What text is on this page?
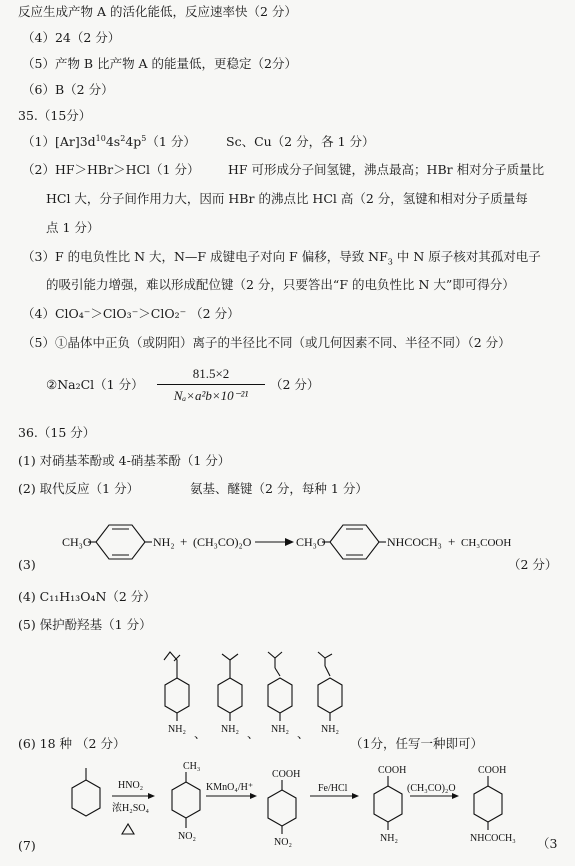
反应生成产物 A 的活化能低，反应速率快（2 分）
（4）24（2 分）
（5）产物 B 比产物 A 的能量低，更稳定（2分）
（6）B（2 分）
35.（15分）
$(1)[Ar]3d^{10}4s^24p^5(1$ 分） Sc、Cu（2 分，各 1 分）
（2）HF＞HBr＞HCl（1 分） HF 可形成分子间氢键，沸点最高；HBr 相对分子质量比
HCl 大，分子间作用力大，因而 HBr 的沸点比 HCl 高（2 分，氢键和相对分子质量每
点 1 分）
（3）F 的电负性比 N 大，N—F 成键电子对向 F 偏移，导致 $NF_3$ 中 N 原子核对其孤对电子
的吸引能力增强，难以形成配位键（2 分，只要答出“F 的电负性比 N 大”即可得分）
（4）ClO₄⁻＞ClO₃⁻＞ClO₂⁻ （2 分）
（5）①晶体中正负（或阴阳）离子的半径比不同（或几何因素不同、半径不同）（2 分）
②Na₂Cl（1 分）
81.5×2
Nₐ×a²b×10⁻²¹
（2 分）
36.（15 分）
(1) 对硝基苯酚或 4-硝基苯酚（1 分）
(2) 取代反应（1 分）	氨基、醚键（2 分，每种 1 分）
CH₃O	NH₂ + (CH₃CO)₂O	CH₃O	NHCOCH₃ + CH₃COOH
(3)	（2 分）
(4) C₁₁H₁₃O₄N（2 分）
(5) 保护酚羟基（1 分）
NH₂ 、 NH₂ 、 NH₂ 、 NH₂
(6) 18 种 （2 分）	（1分，任写一种即可）
HNO₂
浓H₂SO₄
CH₃
NO₂
KMnO₄/H⁺
COOH
NO₂
Fe/HCl
COOH
NH₂
(CH₃CO)₂O
COOH
NHCOCH₃
(7)	（3
